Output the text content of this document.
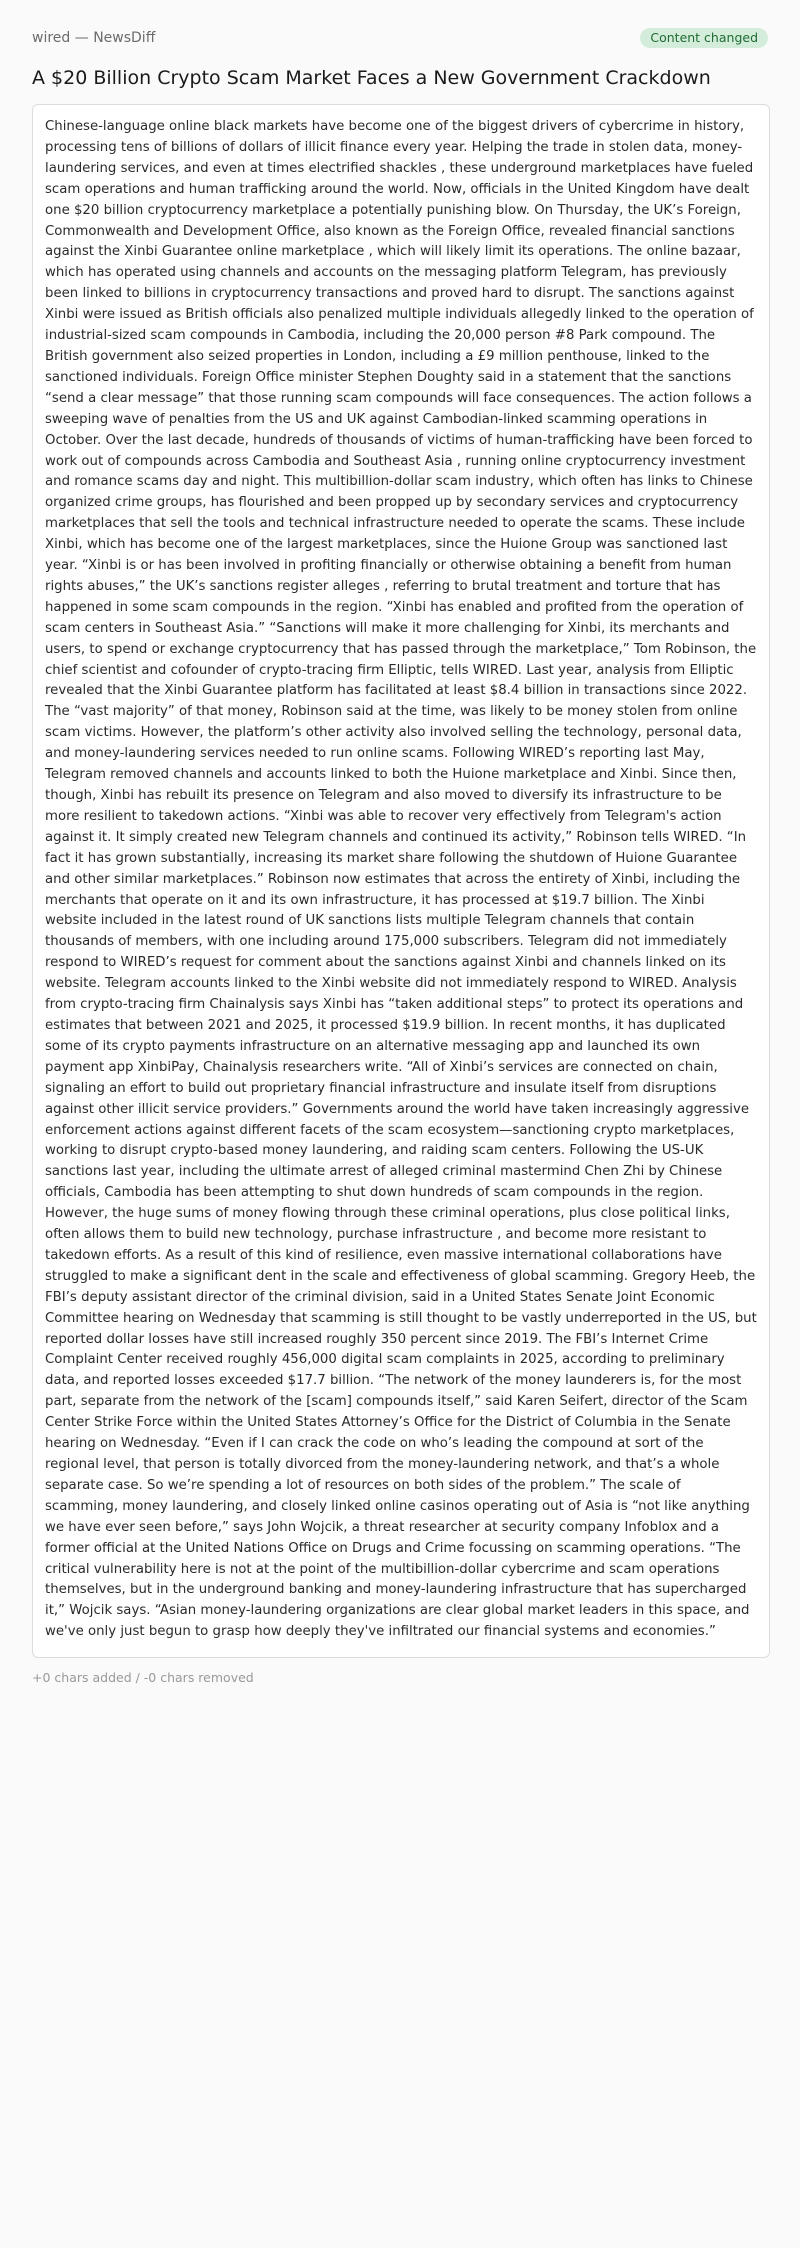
wired — NewsDiff	Content changed
A $20 Billion Crypto Scam Market Faces a New Government Crackdown
Chinese-language online black markets have become one of the biggest drivers of cybercrime in history, processing tens of billions of dollars of illicit finance every year. Helping the trade in stolen data, money-laundering services, and even at times electrified shackles , these underground marketplaces have fueled scam operations and human trafficking around the world. Now, officials in the United Kingdom have dealt one $20 billion cryptocurrency marketplace a potentially punishing blow. On Thursday, the UK’s Foreign, Commonwealth and Development Office, also known as the Foreign Office, revealed financial sanctions against the Xinbi Guarantee online marketplace , which will likely limit its operations. The online bazaar, which has operated using channels and accounts on the messaging platform Telegram, has previously been linked to billions in cryptocurrency transactions and proved hard to disrupt. The sanctions against Xinbi were issued as British officials also penalized multiple individuals allegedly linked to the operation of industrial-sized scam compounds in Cambodia, including the 20,000 person #8 Park compound. The British government also seized properties in London, including a £9 million penthouse, linked to the sanctioned individuals. Foreign Office minister Stephen Doughty said in a statement that the sanctions “send a clear message” that those running scam compounds will face consequences. The action follows a sweeping wave of penalties from the US and UK against Cambodian-linked scamming operations in October. Over the last decade, hundreds of thousands of victims of human-trafficking have been forced to work out of compounds across Cambodia and Southeast Asia , running online cryptocurrency investment and romance scams day and night. This multibillion-dollar scam industry, which often has links to Chinese organized crime groups, has flourished and been propped up by secondary services and cryptocurrency marketplaces that sell the tools and technical infrastructure needed to operate the scams. These include Xinbi, which has become one of the largest marketplaces, since the Huione Group was sanctioned last year. “Xinbi is or has been involved in profiting financially or otherwise obtaining a benefit from human rights abuses,” the UK’s sanctions register alleges , referring to brutal treatment and torture that has happened in some scam compounds in the region. “Xinbi has enabled and profited from the operation of scam centers in Southeast Asia.” “Sanctions will make it more challenging for Xinbi, its merchants and users, to spend or exchange cryptocurrency that has passed through the marketplace,” Tom Robinson, the chief scientist and cofounder of crypto-tracing firm Elliptic, tells WIRED. Last year, analysis from Elliptic revealed that the Xinbi Guarantee platform has facilitated at least $8.4 billion in transactions since 2022. The “vast majority” of that money, Robinson said at the time, was likely to be money stolen from online scam victims. However, the platform’s other activity also involved selling the technology, personal data, and money-laundering services needed to run online scams. Following WIRED’s reporting last May, Telegram removed channels and accounts linked to both the Huione marketplace and Xinbi. Since then, though, Xinbi has rebuilt its presence on Telegram and also moved to diversify its infrastructure to be more resilient to takedown actions. “Xinbi was able to recover very effectively from Telegram's action against it. It simply created new Telegram channels and continued its activity,” Robinson tells WIRED. “In fact it has grown substantially, increasing its market share following the shutdown of Huione Guarantee and other similar marketplaces.” Robinson now estimates that across the entirety of Xinbi, including the merchants that operate on it and its own infrastructure, it has processed at $19.7 billion. The Xinbi website included in the latest round of UK sanctions lists multiple Telegram channels that contain thousands of members, with one including around 175,000 subscribers. Telegram did not immediately respond to WIRED’s request for comment about the sanctions against Xinbi and channels linked on its website. Telegram accounts linked to the Xinbi website did not immediately respond to WIRED. Analysis from crypto-tracing firm Chainalysis says Xinbi has “taken additional steps” to protect its operations and estimates that between 2021 and 2025, it processed $19.9 billion. In recent months, it has duplicated some of its crypto payments infrastructure on an alternative messaging app and launched its own payment app XinbiPay, Chainalysis researchers write. “All of Xinbi’s services are connected on chain, signaling an effort to build out proprietary financial infrastructure and insulate itself from disruptions against other illicit service providers.” Governments around the world have taken increasingly aggressive enforcement actions against different facets of the scam ecosystem—sanctioning crypto marketplaces, working to disrupt crypto-based money laundering, and raiding scam centers. Following the US-UK sanctions last year, including the ultimate arrest of alleged criminal mastermind Chen Zhi by Chinese officials, Cambodia has been attempting to shut down hundreds of scam compounds in the region. However, the huge sums of money flowing through these criminal operations, plus close political links, often allows them to build new technology, purchase infrastructure , and become more resistant to takedown efforts. As a result of this kind of resilience, even massive international collaborations have struggled to make a significant dent in the scale and effectiveness of global scamming. Gregory Heeb, the FBI’s deputy assistant director of the criminal division, said in a United States Senate Joint Economic Committee hearing on Wednesday that scamming is still thought to be vastly underreported in the US, but reported dollar losses have still increased roughly 350 percent since 2019. The FBI’s Internet Crime Complaint Center received roughly 456,000 digital scam complaints in 2025, according to preliminary data, and reported losses exceeded $17.7 billion. “The network of the money launderers is, for the most part, separate from the network of the [scam] compounds itself,” said Karen Seifert, director of the Scam Center Strike Force within the United States Attorney’s Office for the District of Columbia in the Senate hearing on Wednesday. “Even if I can crack the code on who’s leading the compound at sort of the regional level, that person is totally divorced from the money-laundering network, and that’s a whole separate case. So we’re spending a lot of resources on both sides of the problem.” The scale of scamming, money laundering, and closely linked online casinos operating out of Asia is “not like anything we have ever seen before,” says John Wojcik, a threat researcher at security company Infoblox and a former official at the United Nations Office on Drugs and Crime focussing on scamming operations. “The critical vulnerability here is not at the point of the multibillion-dollar cybercrime and scam operations themselves, but in the underground banking and money-laundering infrastructure that has supercharged it,” Wojcik says. “Asian money-laundering organizations are clear global market leaders in this space, and we've only just begun to grasp how deeply they've infiltrated our financial systems and economies.”
+0 chars added / -0 chars removed
